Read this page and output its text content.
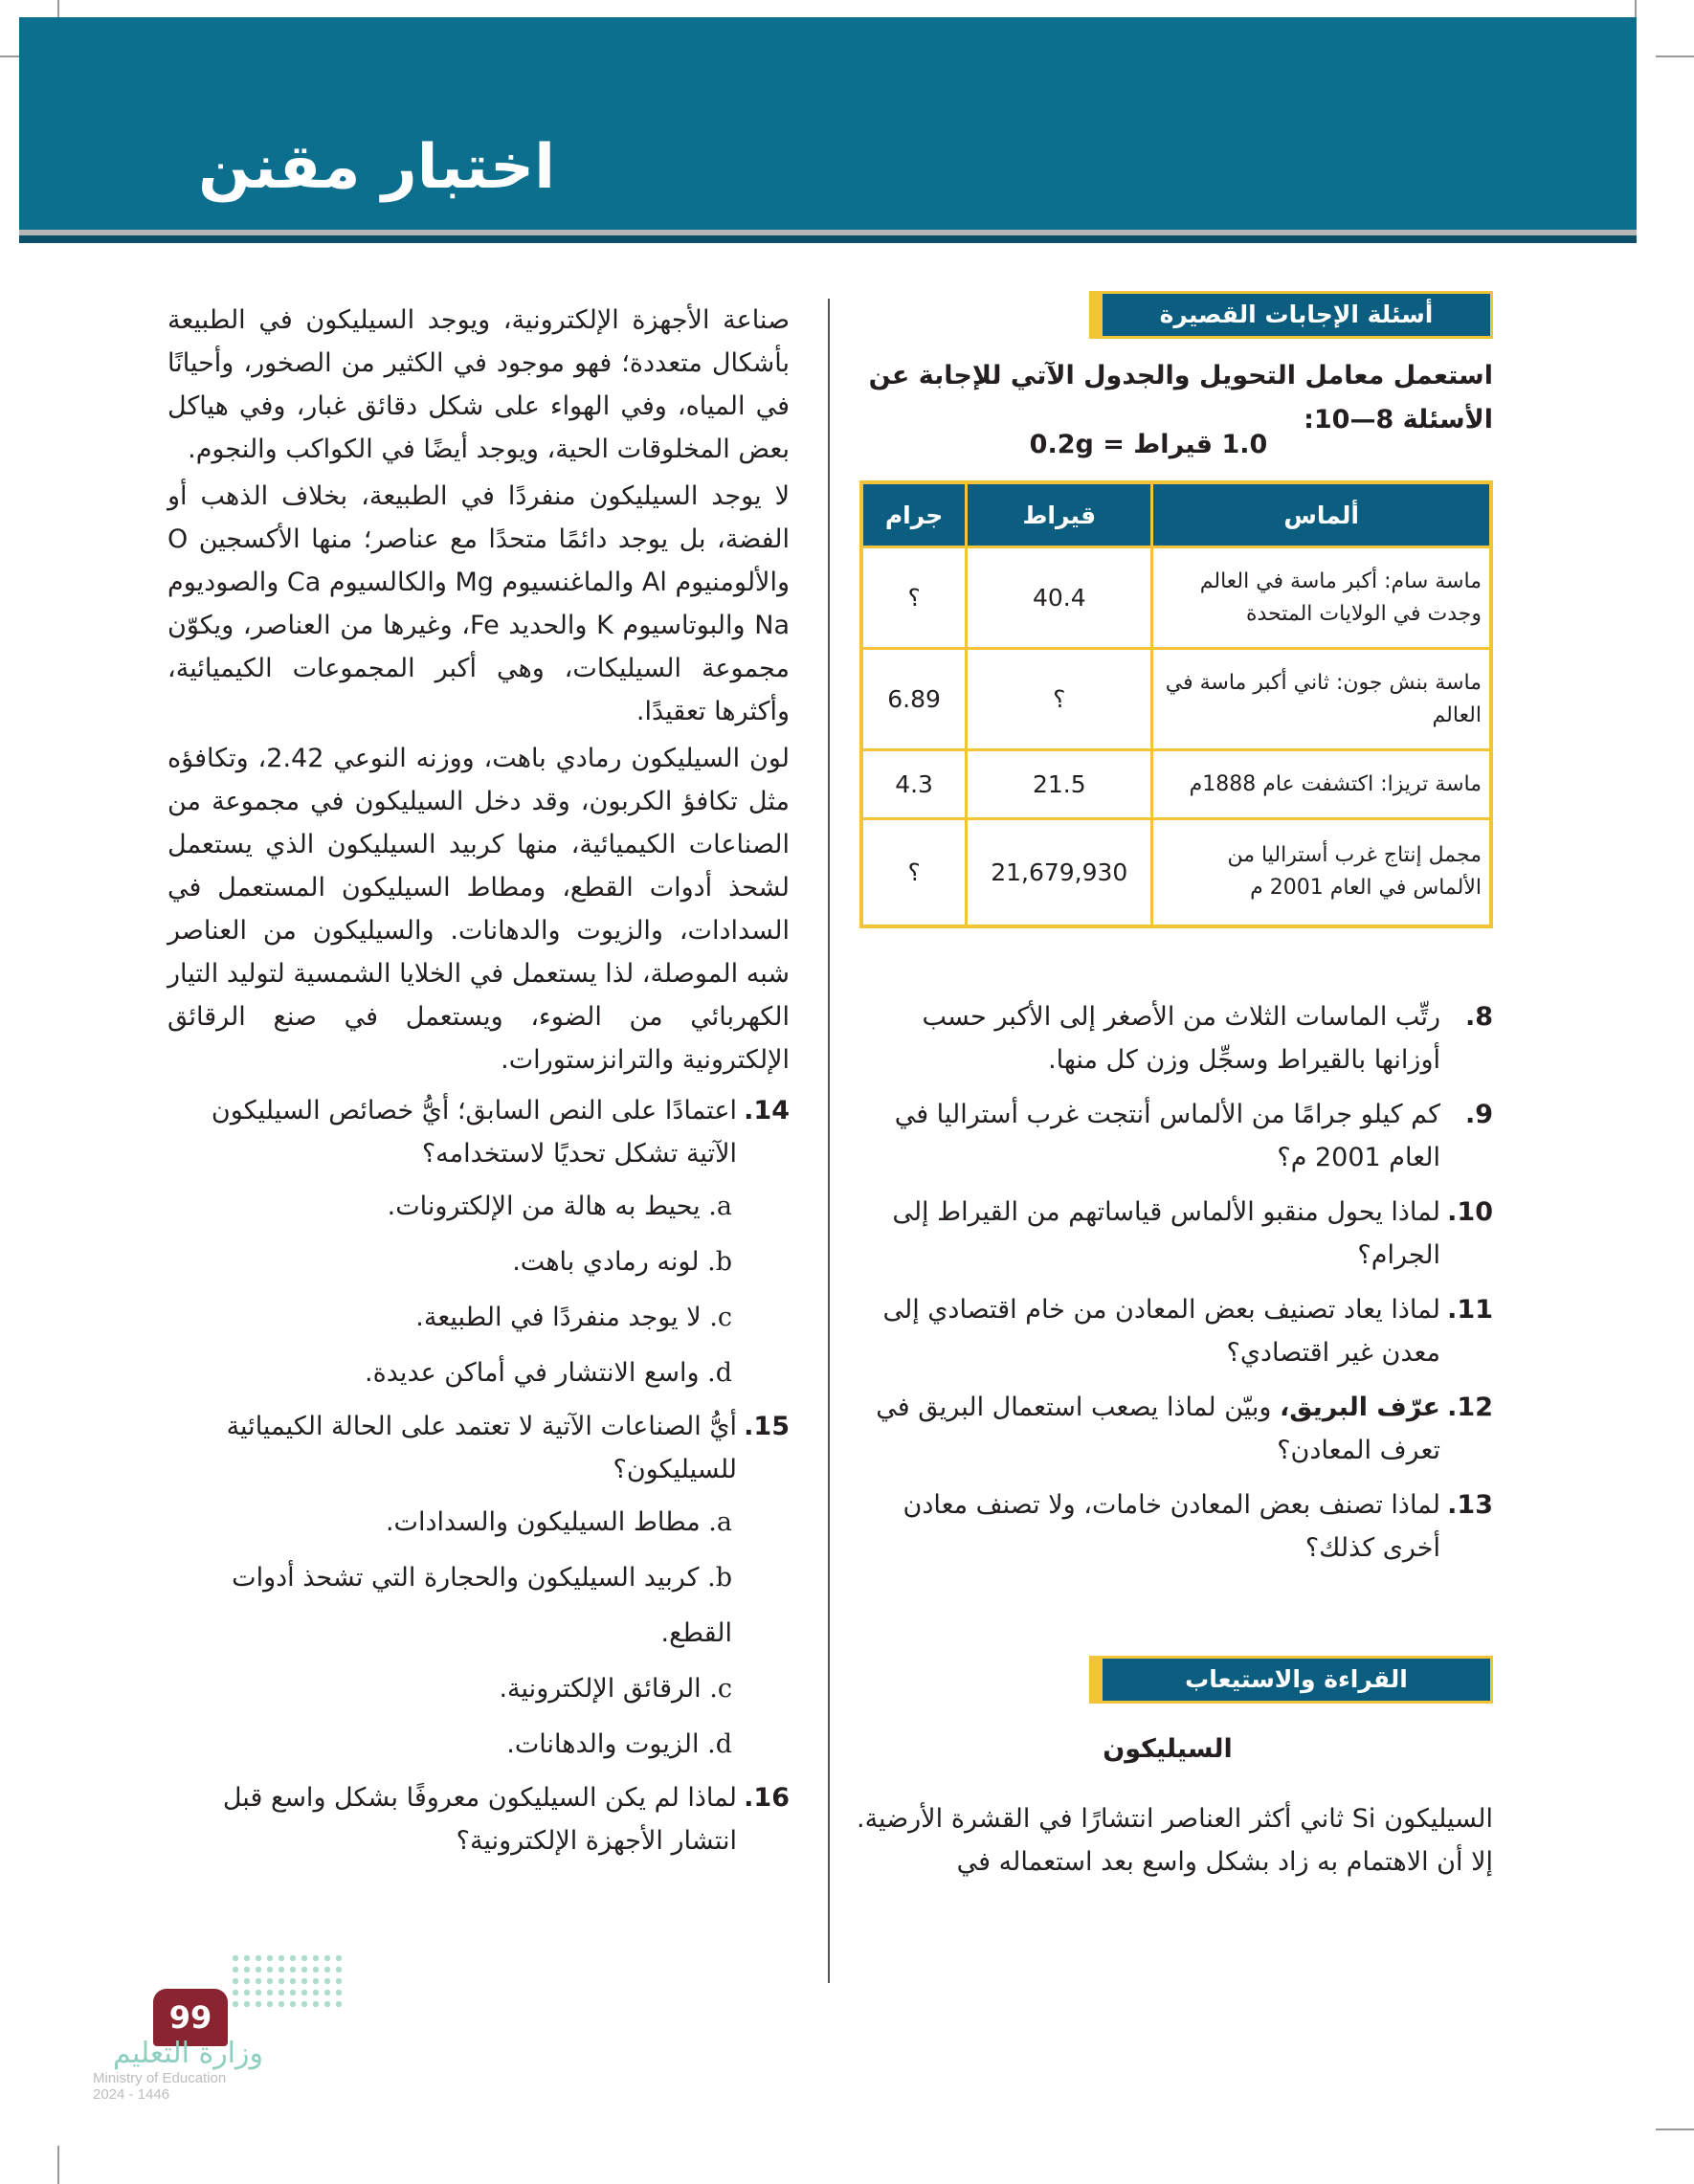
اختبار مقنن
أسئلة الإجابات القصيرة
استعمل معامل التحويل والجدول الآتي للإجابة عن الأسئلة 8—10:
1.0 قيراط = 0.2g
ألماس	قيراط	جرام
ماسة سام: أكبر ماسة في العالم وجدت في الولايات المتحدة	40.4	؟
ماسة بنش جون: ثاني أكبر ماسة في العالم	؟	6.89
ماسة تريزا: اكتشفت عام 1888م	21.5	4.3
مجمل إنتاج غرب أستراليا من الألماس في العام 2001 م	21,679,930	؟
8.
رتِّب الماسات الثلاث من الأصغر إلى الأكبر حسب أوزانها بالقيراط وسجِّل وزن كل منها.
9.
كم كيلو جرامًا من الألماس أنتجت غرب أستراليا في العام 2001 م؟
10.
لماذا يحول منقبو الألماس قياساتهم من القيراط إلى الجرام؟
11.
لماذا يعاد تصنيف بعض المعادن من خام اقتصادي إلى معدن غير اقتصادي؟
12.
عرّف البريق، وبيّن لماذا يصعب استعمال البريق في تعرف المعادن؟
13.
لماذا تصنف بعض المعادن خامات، ولا تصنف معادن أخرى كذلك؟
القراءة والاستيعاب
السيليكون

السيليكون Si ثاني أكثر العناصر انتشارًا في القشرة الأرضية. إلا أن الاهتمام به زاد بشكل واسع بعد استعماله في

صناعة الأجهزة الإلكترونية، ويوجد السيليكون في الطبيعة بأشكال متعددة؛ فهو موجود في الكثير من الصخور، وأحيانًا في المياه، وفي الهواء على شكل دقائق غبار، وفي هياكل بعض المخلوقات الحية، ويوجد أيضًا في الكواكب والنجوم.

لا يوجد السيليكون منفردًا في الطبيعة، بخلاف الذهب أو الفضة، بل يوجد دائمًا متحدًا مع عناصر؛ منها الأكسجين O والألومنيوم Al والماغنسيوم Mg والكالسيوم Ca والصوديوم Na والبوتاسيوم K والحديد Fe، وغيرها من العناصر، ويكوّن مجموعة السيليكات، وهي أكبر المجموعات الكيميائية، وأكثرها تعقيدًا.

لون السيليكون رمادي باهت، ووزنه النوعي 2.42، وتكافؤه مثل تكافؤ الكربون، وقد دخل السيليكون في مجموعة من الصناعات الكيميائية، منها كربيد السيليكون الذي يستعمل لشحذ أدوات القطع، ومطاط السيليكون المستعمل في السدادات، والزيوت والدهانات. والسيليكون من العناصر شبه الموصلة، لذا يستعمل في الخلايا الشمسية لتوليد التيار الكهربائي من الضوء، ويستعمل في صنع الرقائق الإلكترونية والترانزستورات.

14.
اعتمادًا على النص السابق؛ أيُّ خصائص السيليكون الآتية تشكل تحديًا لاستخدامه؟
a. يحيط به هالة من الإلكترونات.
b. لونه رمادي باهت.
c. لا يوجد منفردًا في الطبيعة.
d. واسع الانتشار في أماكن عديدة.
15.
أيُّ الصناعات الآتية لا تعتمد على الحالة الكيميائية للسيليكون؟
a. مطاط السيليكون والسدادات.
b. كربيد السيليكون والحجارة التي تشحذ أدوات القطع.
c. الرقائق الإلكترونية.
d. الزيوت والدهانات.
16.
لماذا لم يكن السيليكون معروفًا بشكل واسع قبل انتشار الأجهزة الإلكترونية؟
99
وزارة التعليم
Ministry of Education
2024 - 1446
